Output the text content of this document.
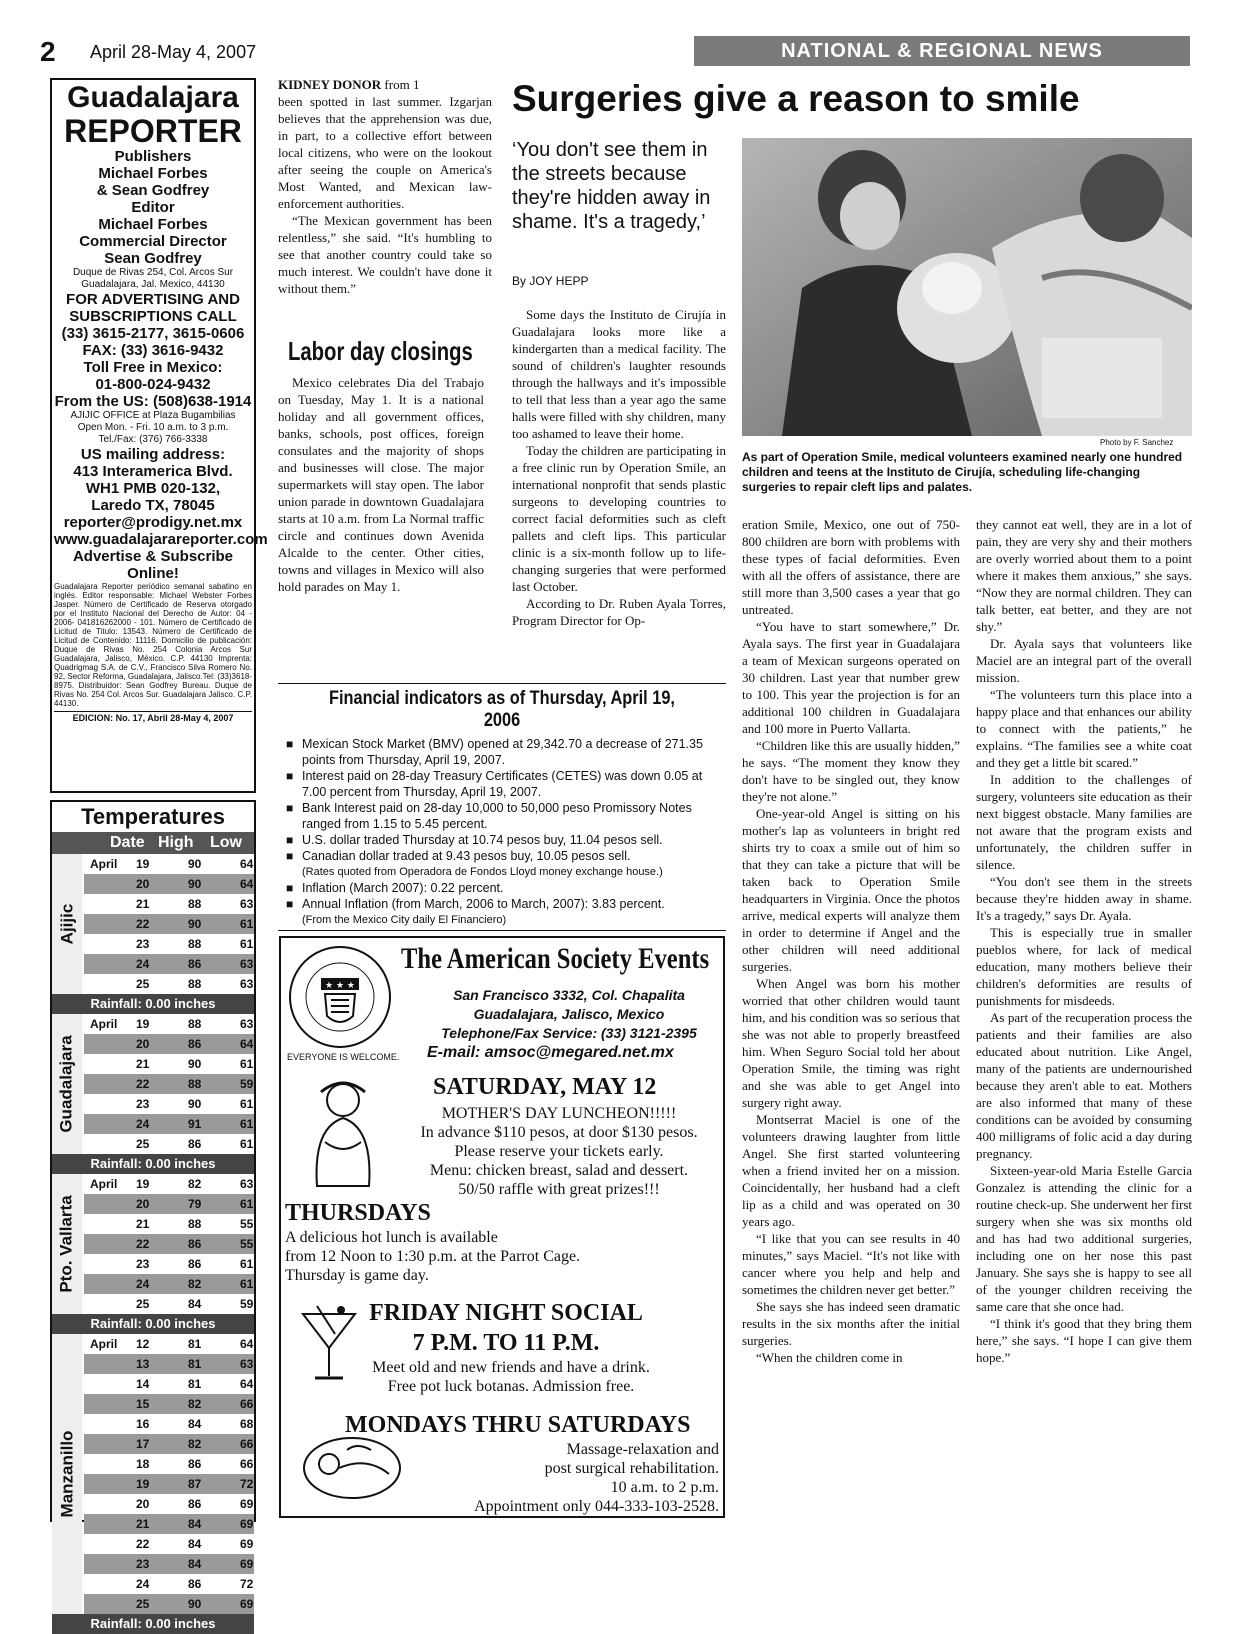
2 April 28-May 4, 2007	NATIONAL & REGIONAL NEWS
Guadalajara
REPORTER
Publishers
Michael Forbes
& Sean Godfrey
Editor
Michael Forbes
Commercial Director
Sean Godfrey
Duque de Rivas 254, Col. Arcos Sur
Guadalajara, Jal. Mexico, 44130
FOR ADVERTISING AND
SUBSCRIPTIONS CALL
(33) 3615-2177, 3615-0606
FAX: (33) 3616-9432
Toll Free in Mexico:
01-800-024-9432
From the US: (508)638-1914
AJIJIC OFFICE at Plaza Bugambilias
Open Mon. - Fri. 10 a.m. to 3 p.m.
Tel./Fax: (376) 766-3338
US mailing address:
413 Interamerica Blvd.
WH1 PMB 020-132,
Laredo TX, 78045
reporter@prodigy.net.mx
www.guadalajarareporter.com
Advertise & Subscribe Online!
Guadalajara Reporter periódico semanal sabatino en inglés. Editor responsable: Michael Webster Forbes Jasper. Número de Certificado de Reserva otorgado por el Instituto Nacional del Derecho de Autor: 04 - 2006- 041816262000 - 101. Número de Certificado de Licitud de Titulo: 13543. Número de Certificado de Licitud de Contenido: 11116. Domicilio de publicación: Duque de Rivas No. 254 Colonia Arcos Sur Guadalajara, Jalisco, México. C.P. 44130 Imprenta: Quadrigmag S.A. de C.V., Francisco Silva Romero No. 92, Sector Reforma, Guadalajara, Jalisco.Tel: (33)3618-8975. Distribuidor: Sean Godfrey Bureau. Duque de Rivas No. 254 Col. Arcos Sur. Guadalajara Jalisco. C.P. 44130.
EDICION: No. 17, Abril 28-May 4, 2007
Temperatures
Date High Low
Ajijic
April 19	90	64
20	90	64
21	88	63
22	90	61
23	88	61
24	86	63
25	88	63
Rainfall: 0.00 inches
Guadalajara
April 19	88	63
20	86	64
21	90	61
22	88	59
23	90	61
24	91	61
25	86	61
Rainfall: 0.00 inches
Pto. Vallarta
April 19	82	63
20	79	61
21	88	55
22	86	55
23	86	61
24	82	61
25	84	59
Rainfall: 0.00 inches
Manzanillo
April 12	81	64
13	81	63
14	81	64
15	82	66
16	84	68
17	82	66
18	86	66
19	87	72
20	86	69
21	84	69
22	84	69
23	84	69
24	86	72
25	90	69
Rainfall: 0.00 inches
KIDNEY DONOR from 1

been spotted in last summer. Izgarjan believes that the apprehension was due, in part, to a collective effort between local citizens, who were on the lookout after seeing the couple on America's Most Wanted, and Mexican law-enforcement authorities.

“The Mexican government has been relentless,” she said. “It's humbling to see that another country could take so much interest. We couldn't have done it without them.”

Labor day closings

Mexico celebrates Dia del Trabajo on Tuesday, May 1. It is a national holiday and all government offices, banks, schools, post offices, foreign consulates and the majority of shops and businesses will close. The major supermarkets will stay open. The labor union parade in downtown Guadalajara starts at 10 a.m. from La Normal traffic circle and continues down Avenida Alcalde to the center. Other cities, towns and villages in Mexico will also hold parades on May 1.

Surgeries give a reason to smile
‘You don't see them in the streets because they're hidden away in shame. It's a tragedy,’
By JOY HEPP

Some days the Instituto de Cirujía in Guadalajara looks more like a kindergarten than a medical facility. The sound of children's laughter resounds through the hallways and it's impossible to tell that less than a year ago the same halls were filled with shy children, many too ashamed to leave their home.

Today the children are participating in a free clinic run by Operation Smile, an international nonprofit that sends plastic surgeons to developing countries to correct facial deformities such as cleft pallets and cleft lips. This particular clinic is a six-month follow up to life-changing surgeries that were performed last October.

According to Dr. Ruben Ayala Torres, Program Director for Op-

Photo by F. Sanchez
As part of Operation Smile, medical volunteers examined nearly one hundred children and teens at the Instituto de Cirujía, scheduling life-changing surgeries to repair cleft lips and palates.

eration Smile, Mexico, one out of 750-800 children are born with problems with these types of facial deformities. Even with all the offers of assistance, there are still more than 3,500 cases a year that go untreated.

“You have to start somewhere,” Dr. Ayala says. The first year in Guadalajara a team of Mexican surgeons operated on 30 children. Last year that number grew to 100. This year the projection is for an additional 100 children in Guadalajara and 100 more in Puerto Vallarta.

“Children like this are usually hidden,” he says. “The moment they know they don't have to be singled out, they know they're not alone.”

One-year-old Angel is sitting on his mother's lap as volunteers in bright red shirts try to coax a smile out of him so that they can take a picture that will be taken back to Operation Smile headquarters in Virginia. Once the photos arrive, medical experts will analyze them in order to determine if Angel and the other children will need additional surgeries.

When Angel was born his mother worried that other children would taunt him, and his condition was so serious that she was not able to properly breastfeed him. When Seguro Social told her about Operation Smile, the timing was right and she was able to get Angel into surgery right away.

Montserrat Maciel is one of the volunteers drawing laughter from little Angel. She first started volunteering when a friend invited her on a mission. Coincidentally, her husband had a cleft lip as a child and was operated on 30 years ago.

“I like that you can see results in 40 minutes,” says Maciel. “It's not like with cancer where you help and help and sometimes the children never get better.”

She says she has indeed seen dramatic results in the six months after the initial surgeries.

“When the children come in

they cannot eat well, they are in a lot of pain, they are very shy and their mothers are overly worried about them to a point where it makes them anxious,” she says. “Now they are normal children. They can talk better, eat better, and they are not shy.”

Dr. Ayala says that volunteers like Maciel are an integral part of the overall mission.

“The volunteers turn this place into a happy place and that enhances our ability to connect with the patients,” he explains. “The families see a white coat and they get a little bit scared.”

In addition to the challenges of surgery, volunteers site education as their next biggest obstacle. Many families are not aware that the program exists and unfortunately, the children suffer in silence.

“You don't see them in the streets because they're hidden away in shame. It's a tragedy,” says Dr. Ayala.

This is especially true in smaller pueblos where, for lack of medical education, many mothers believe their children's deformities are results of punishments for misdeeds.

As part of the recuperation process the patients and their families are also educated about nutrition. Like Angel, many of the patients are undernourished because they aren't able to eat. Mothers are also informed that many of these conditions can be avoided by consuming 400 milligrams of folic acid a day during pregnancy.

Sixteen-year-old Maria Estelle Garcia Gonzalez is attending the clinic for a routine check-up. She underwent her first surgery when she was six months old and has had two additional surgeries, including one on her nose this past January. She says she is happy to see all of the younger children receiving the same care that she once had.

“I think it's good that they bring them here,” she says. “I hope I can give them hope.”

Financial indicators as of Thursday, April 19, 2006
■ Mexican Stock Market (BMV) opened at 29,342.70 a decrease of 271.35 points from Thursday, April 19, 2007.
■ Interest paid on 28-day Treasury Certificates (CETES) was down 0.05 at 7.00 percent from Thursday, April 19, 2007.
■ Bank Interest paid on 28-day 10,000 to 50,000 peso Promissory Notes ranged from 1.15 to 5.45 percent.
■ U.S. dollar traded Thursday at 10.74 pesos buy, 11.04 pesos sell.
■ Canadian dollar traded at 9.43 pesos buy, 10.05 pesos sell.
(Rates quoted from Operadora de Fondos Lloyd money exchange house.)
■ Inflation (March 2007): 0.22 percent.
■ Annual Inflation (from March, 2006 to March, 2007): 3.83 percent.
(From the Mexico City daily El Financiero)
★ ★ ★
The American Society Events
San Francisco 3332, Col. Chapalita
Guadalajara, Jalisco, Mexico
Telephone/Fax Service: (33) 3121-2395
E-mail: amsoc@megared.net.mx
EVERYONE IS WELCOME.
SATURDAY, MAY 12
MOTHER'S DAY LUNCHEON!!!!!
In advance $110 pesos, at door $130 pesos.
Please reserve your tickets early.
Menu: chicken breast, salad and dessert.
50/50 raffle with great prizes!!!
THURSDAYS
A delicious hot lunch is available
from 12 Noon to 1:30 p.m. at the Parrot Cage.
Thursday is game day.
FRIDAY NIGHT SOCIAL
7 P.M. TO 11 P.M.
Meet old and new friends and have a drink.
Free pot luck botanas. Admission free.
MONDAYS THRU SATURDAYS
Massage-relaxation and
post surgical rehabilitation.
10 a.m. to 2 p.m.
Appointment only 044-333-103-2528.
